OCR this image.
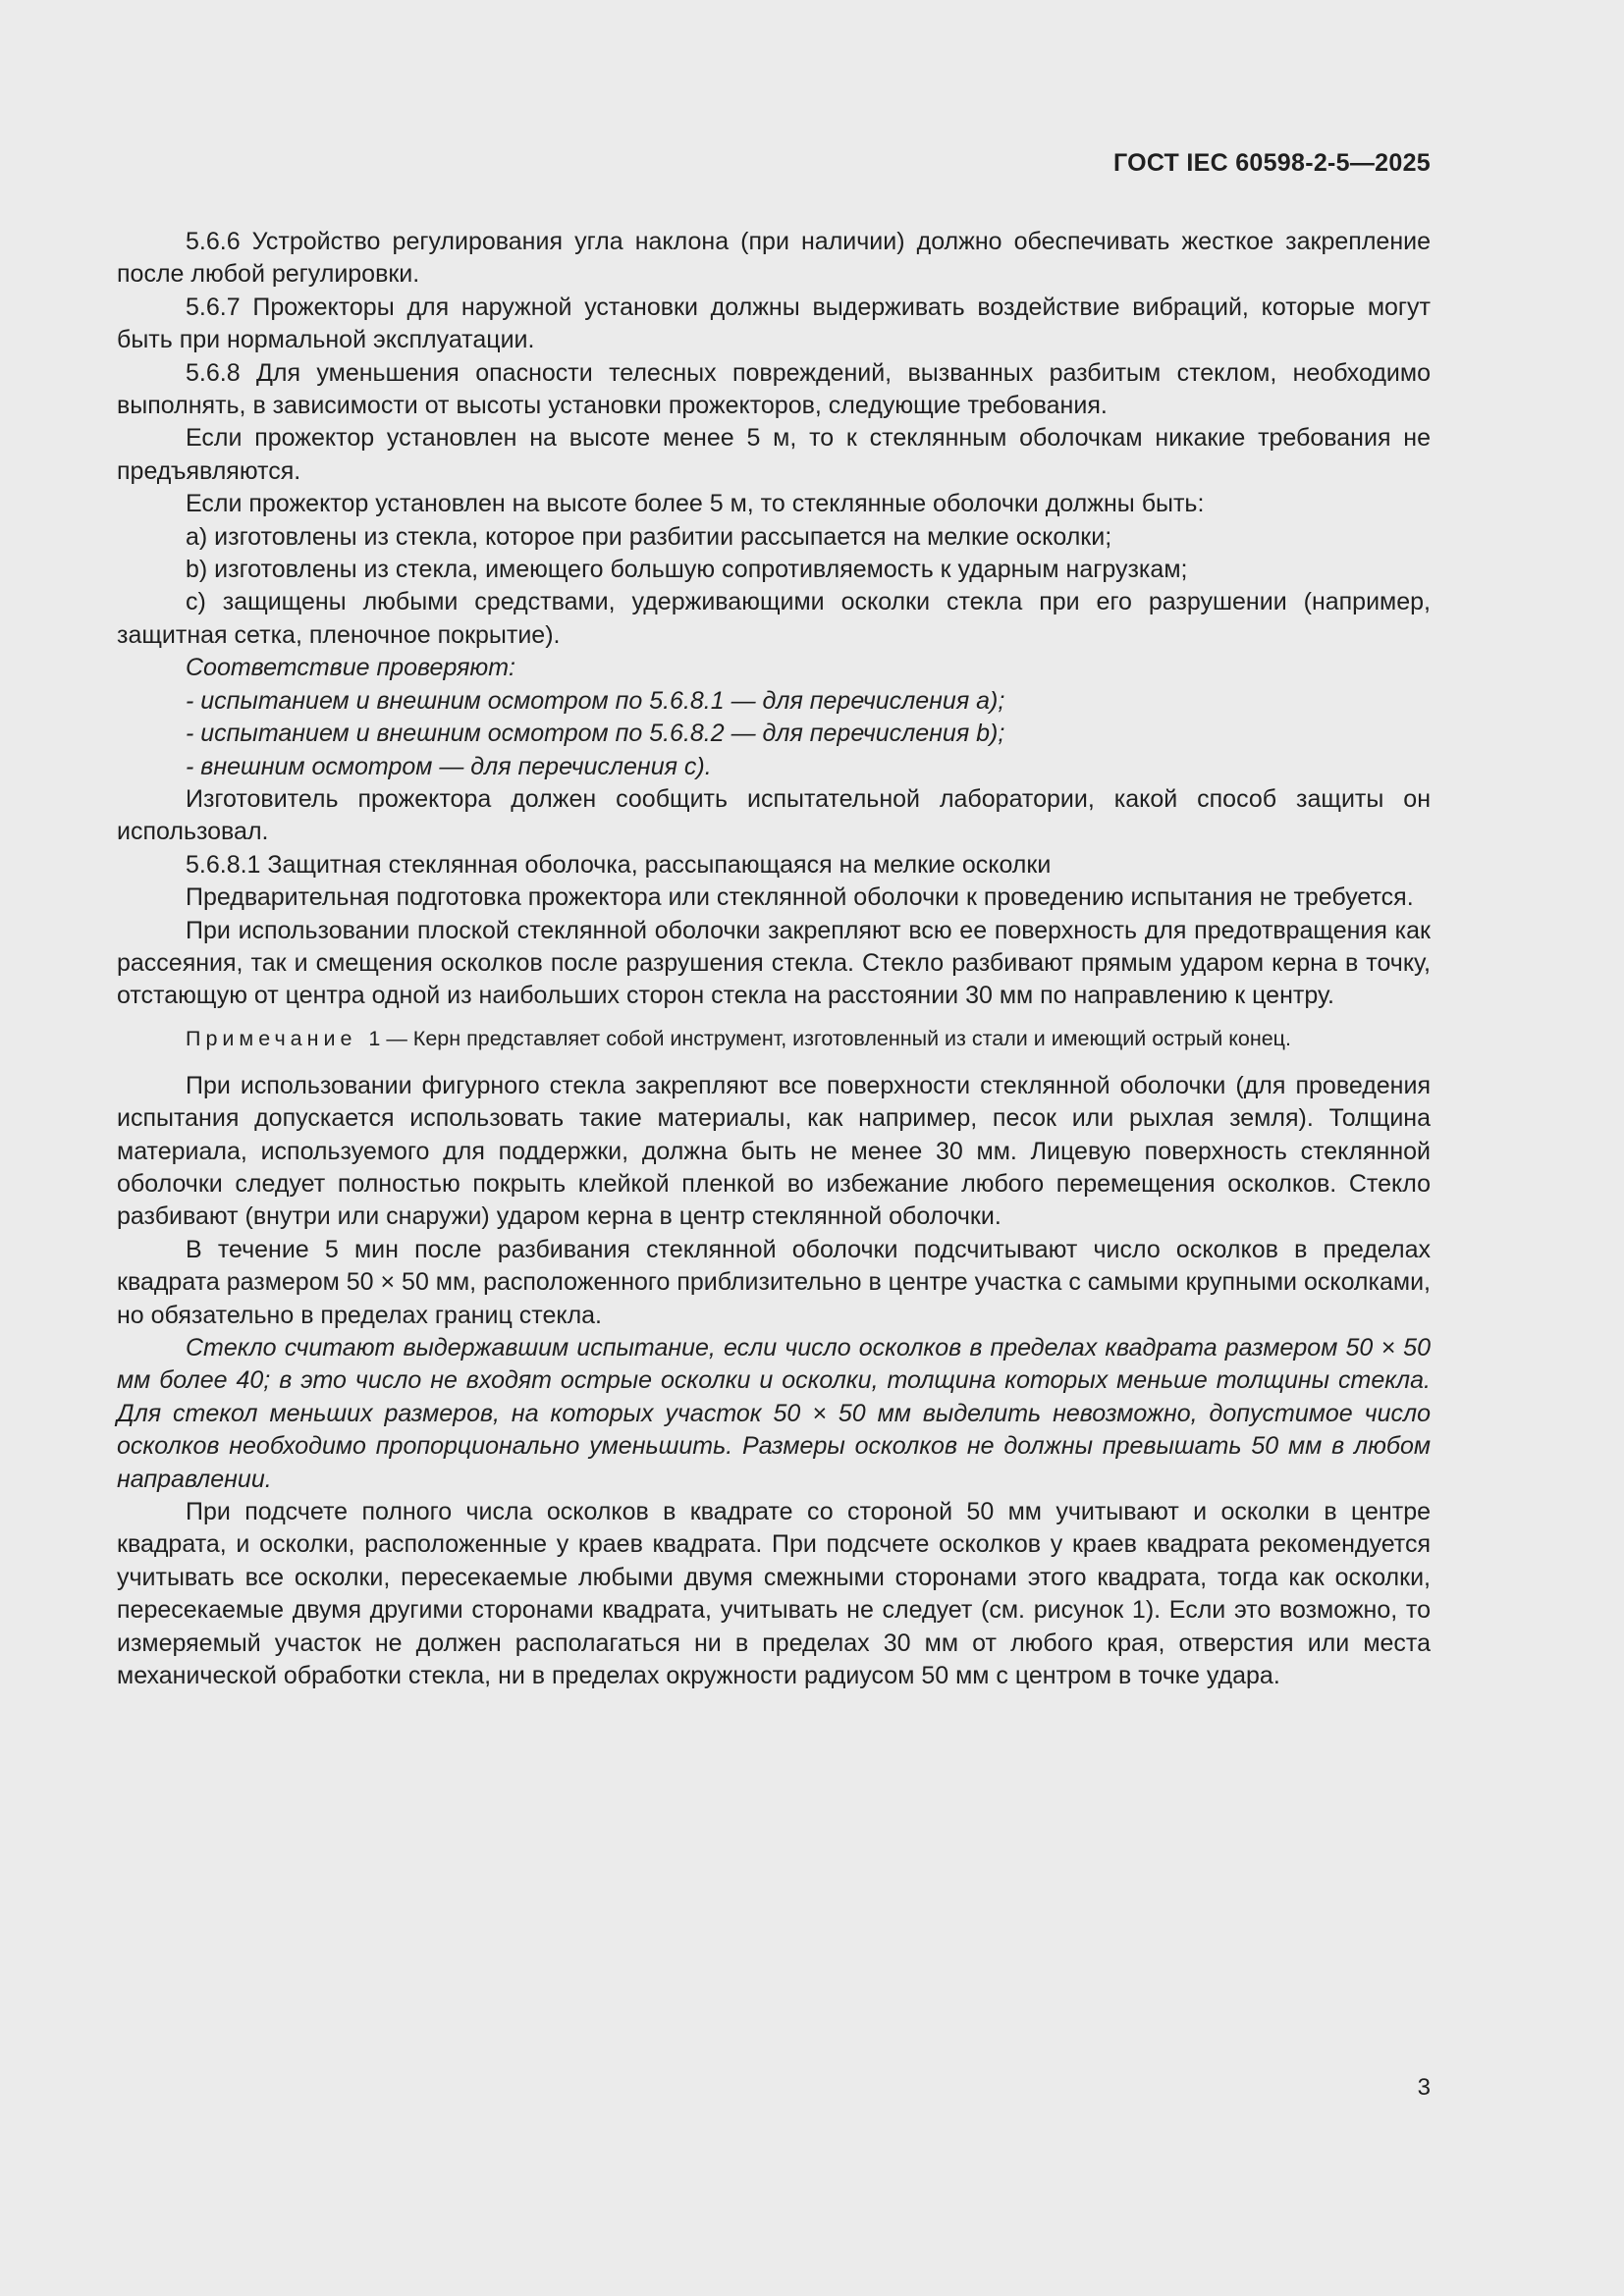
ГОСТ IEC 60598-2-5—2025

5.6.6 Устройство регулирования угла наклона (при наличии) должно обеспечивать жесткое закрепление после любой регулировки.

5.6.7 Прожекторы для наружной установки должны выдерживать воздействие вибраций, которые могут быть при нормальной эксплуатации.

5.6.8 Для уменьшения опасности телесных повреждений, вызванных разбитым стеклом, необходимо выполнять, в зависимости от высоты установки прожекторов, следующие требования.

Если прожектор установлен на высоте менее 5 м, то к стеклянным оболочкам никакие требования не предъявляются.

Если прожектор установлен на высоте более 5 м, то стеклянные оболочки должны быть:

a) изготовлены из стекла, которое при разбитии рассыпается на мелкие осколки;

b) изготовлены из стекла, имеющего большую сопротивляемость к ударным нагрузкам;

c) защищены любыми средствами, удерживающими осколки стекла при его разрушении (например, защитная сетка, пленочное покрытие).

Соответствие проверяют:

- испытанием и внешним осмотром по 5.6.8.1 — для перечисления a);

- испытанием и внешним осмотром по 5.6.8.2 — для перечисления b);

- внешним осмотром — для перечисления c).

Изготовитель прожектора должен сообщить испытательной лаборатории, какой способ защиты он использовал.

5.6.8.1 Защитная стеклянная оболочка, рассыпающаяся на мелкие осколки

Предварительная подготовка прожектора или стеклянной оболочки к проведению испытания не требуется.

При использовании плоской стеклянной оболочки закрепляют всю ее поверхность для предотвращения как рассеяния, так и смещения осколков после разрушения стекла. Стекло разбивают прямым ударом керна в точку, отстающую от центра одной из наибольших сторон стекла на расстоянии 30 мм по направлению к центру.

Примечание 1 — Керн представляет собой инструмент, изготовленный из стали и имеющий острый конец.

При использовании фигурного стекла закрепляют все поверхности стеклянной оболочки (для проведения испытания допускается использовать такие материалы, как например, песок или рыхлая земля). Толщина материала, используемого для поддержки, должна быть не менее 30 мм. Лицевую поверхность стеклянной оболочки следует полностью покрыть клейкой пленкой во избежание любого перемещения осколков. Стекло разбивают (внутри или снаружи) ударом керна в центр стеклянной оболочки.

В течение 5 мин после разбивания стеклянной оболочки подсчитывают число осколков в пределах квадрата размером 50 × 50 мм, расположенного приблизительно в центре участка с самыми крупными осколками, но обязательно в пределах границ стекла.

Стекло считают выдержавшим испытание, если число осколков в пределах квадрата размером 50 × 50 мм более 40; в это число не входят острые осколки и осколки, толщина которых меньше толщины стекла. Для стекол меньших размеров, на которых участок 50 × 50 мм выделить невозможно, допустимое число осколков необходимо пропорционально уменьшить. Размеры осколков не должны превышать 50 мм в любом направлении.

При подсчете полного числа осколков в квадрате со стороной 50 мм учитывают и осколки в центре квадрата, и осколки, расположенные у краев квадрата. При подсчете осколков у краев квадрата рекомендуется учитывать все осколки, пересекаемые любыми двумя смежными сторонами этого квадрата, тогда как осколки, пересекаемые двумя другими сторонами квадрата, учитывать не следует (см. рисунок 1). Если это возможно, то измеряемый участок не должен располагаться ни в пределах 30 мм от любого края, отверстия или места механической обработки стекла, ни в пределах окружности радиусом 50 мм с центром в точке удара.

3
